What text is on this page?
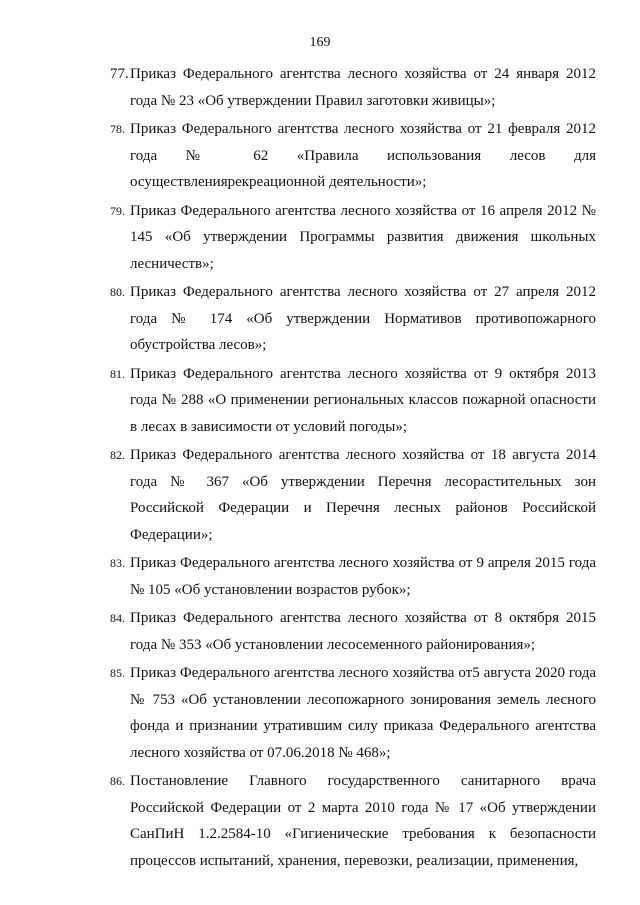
169
77. Приказ Федерального агентства лесного хозяйства от 24 января 2012 года № 23 «Об утверждении Правил заготовки живицы»;
78. Приказ Федерального агентства лесного хозяйства от 21 февраля 2012 года № 62 «Правила использования лесов для осуществлениярекреационной деятельности»;
79. Приказ Федерального агентства лесного хозяйства от 16 апреля 2012 № 145 «Об утверждении Программы развития движения школьных лесничеств»;
80. Приказ Федерального агентства лесного хозяйства от 27 апреля 2012 года № 174 «Об утверждении Нормативов противопожарного обустройства лесов»;
81. Приказ Федерального агентства лесного хозяйства от 9 октября 2013 года № 288 «О применении региональных классов пожарной опасности в лесах в зависимости от условий погоды»;
82. Приказ Федерального агентства лесного хозяйства от 18 августа 2014 года № 367 «Об утверждении Перечня лесорастительных зон Российской Федерации и Перечня лесных районов Российской Федерации»;
83. Приказ Федерального агентства лесного хозяйства от 9 апреля 2015 года № 105 «Об установлении возрастов рубок»;
84. Приказ Федерального агентства лесного хозяйства от 8 октября 2015 года № 353 «Об установлении лесосеменного районирования»;
85. Приказ Федерального агентства лесного хозяйства от5 августа 2020 года № 753 «Об установлении лесопожарного зонирования земель лесного фонда и признании утратившим силу приказа Федерального агентства лесного хозяйства от 07.06.2018 № 468»;
86. Постановление Главного государственного санитарного врача Российской Федерации от 2 марта 2010 года № 17 «Об утверждении СанПиН 1.2.2584-10 «Гигиенические требования к безопасности процессов испытаний, хранения, перевозки, реализации, применения,
